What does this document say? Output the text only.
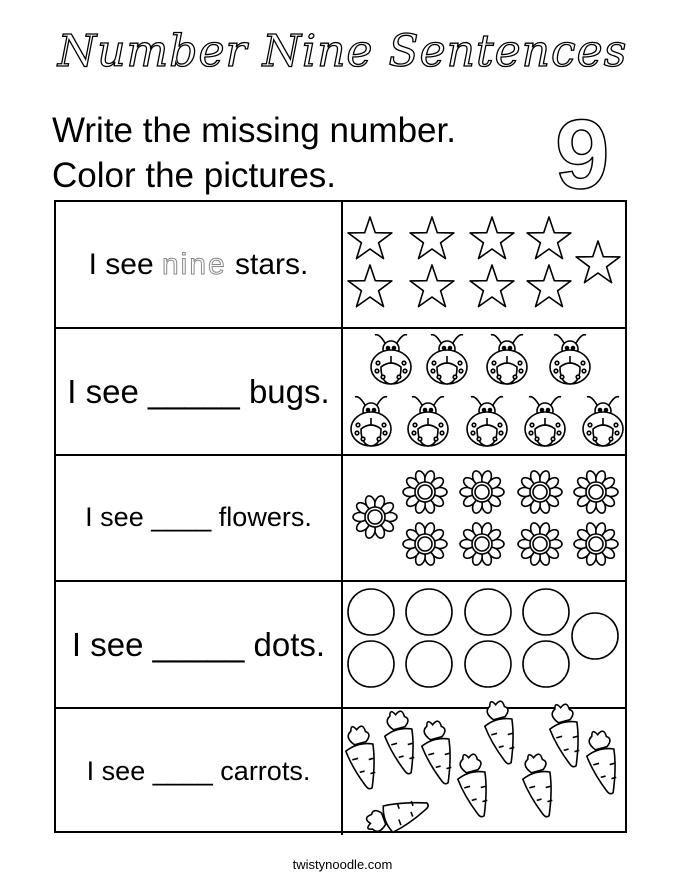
Number Nine Sentences
Write the missing number.
Color the pictures. 9
I see nine stars.
I see _____ bugs.
I see ____ flowers.
I see _____ dots.
I see ____ carrots.
twistynoodle.com
